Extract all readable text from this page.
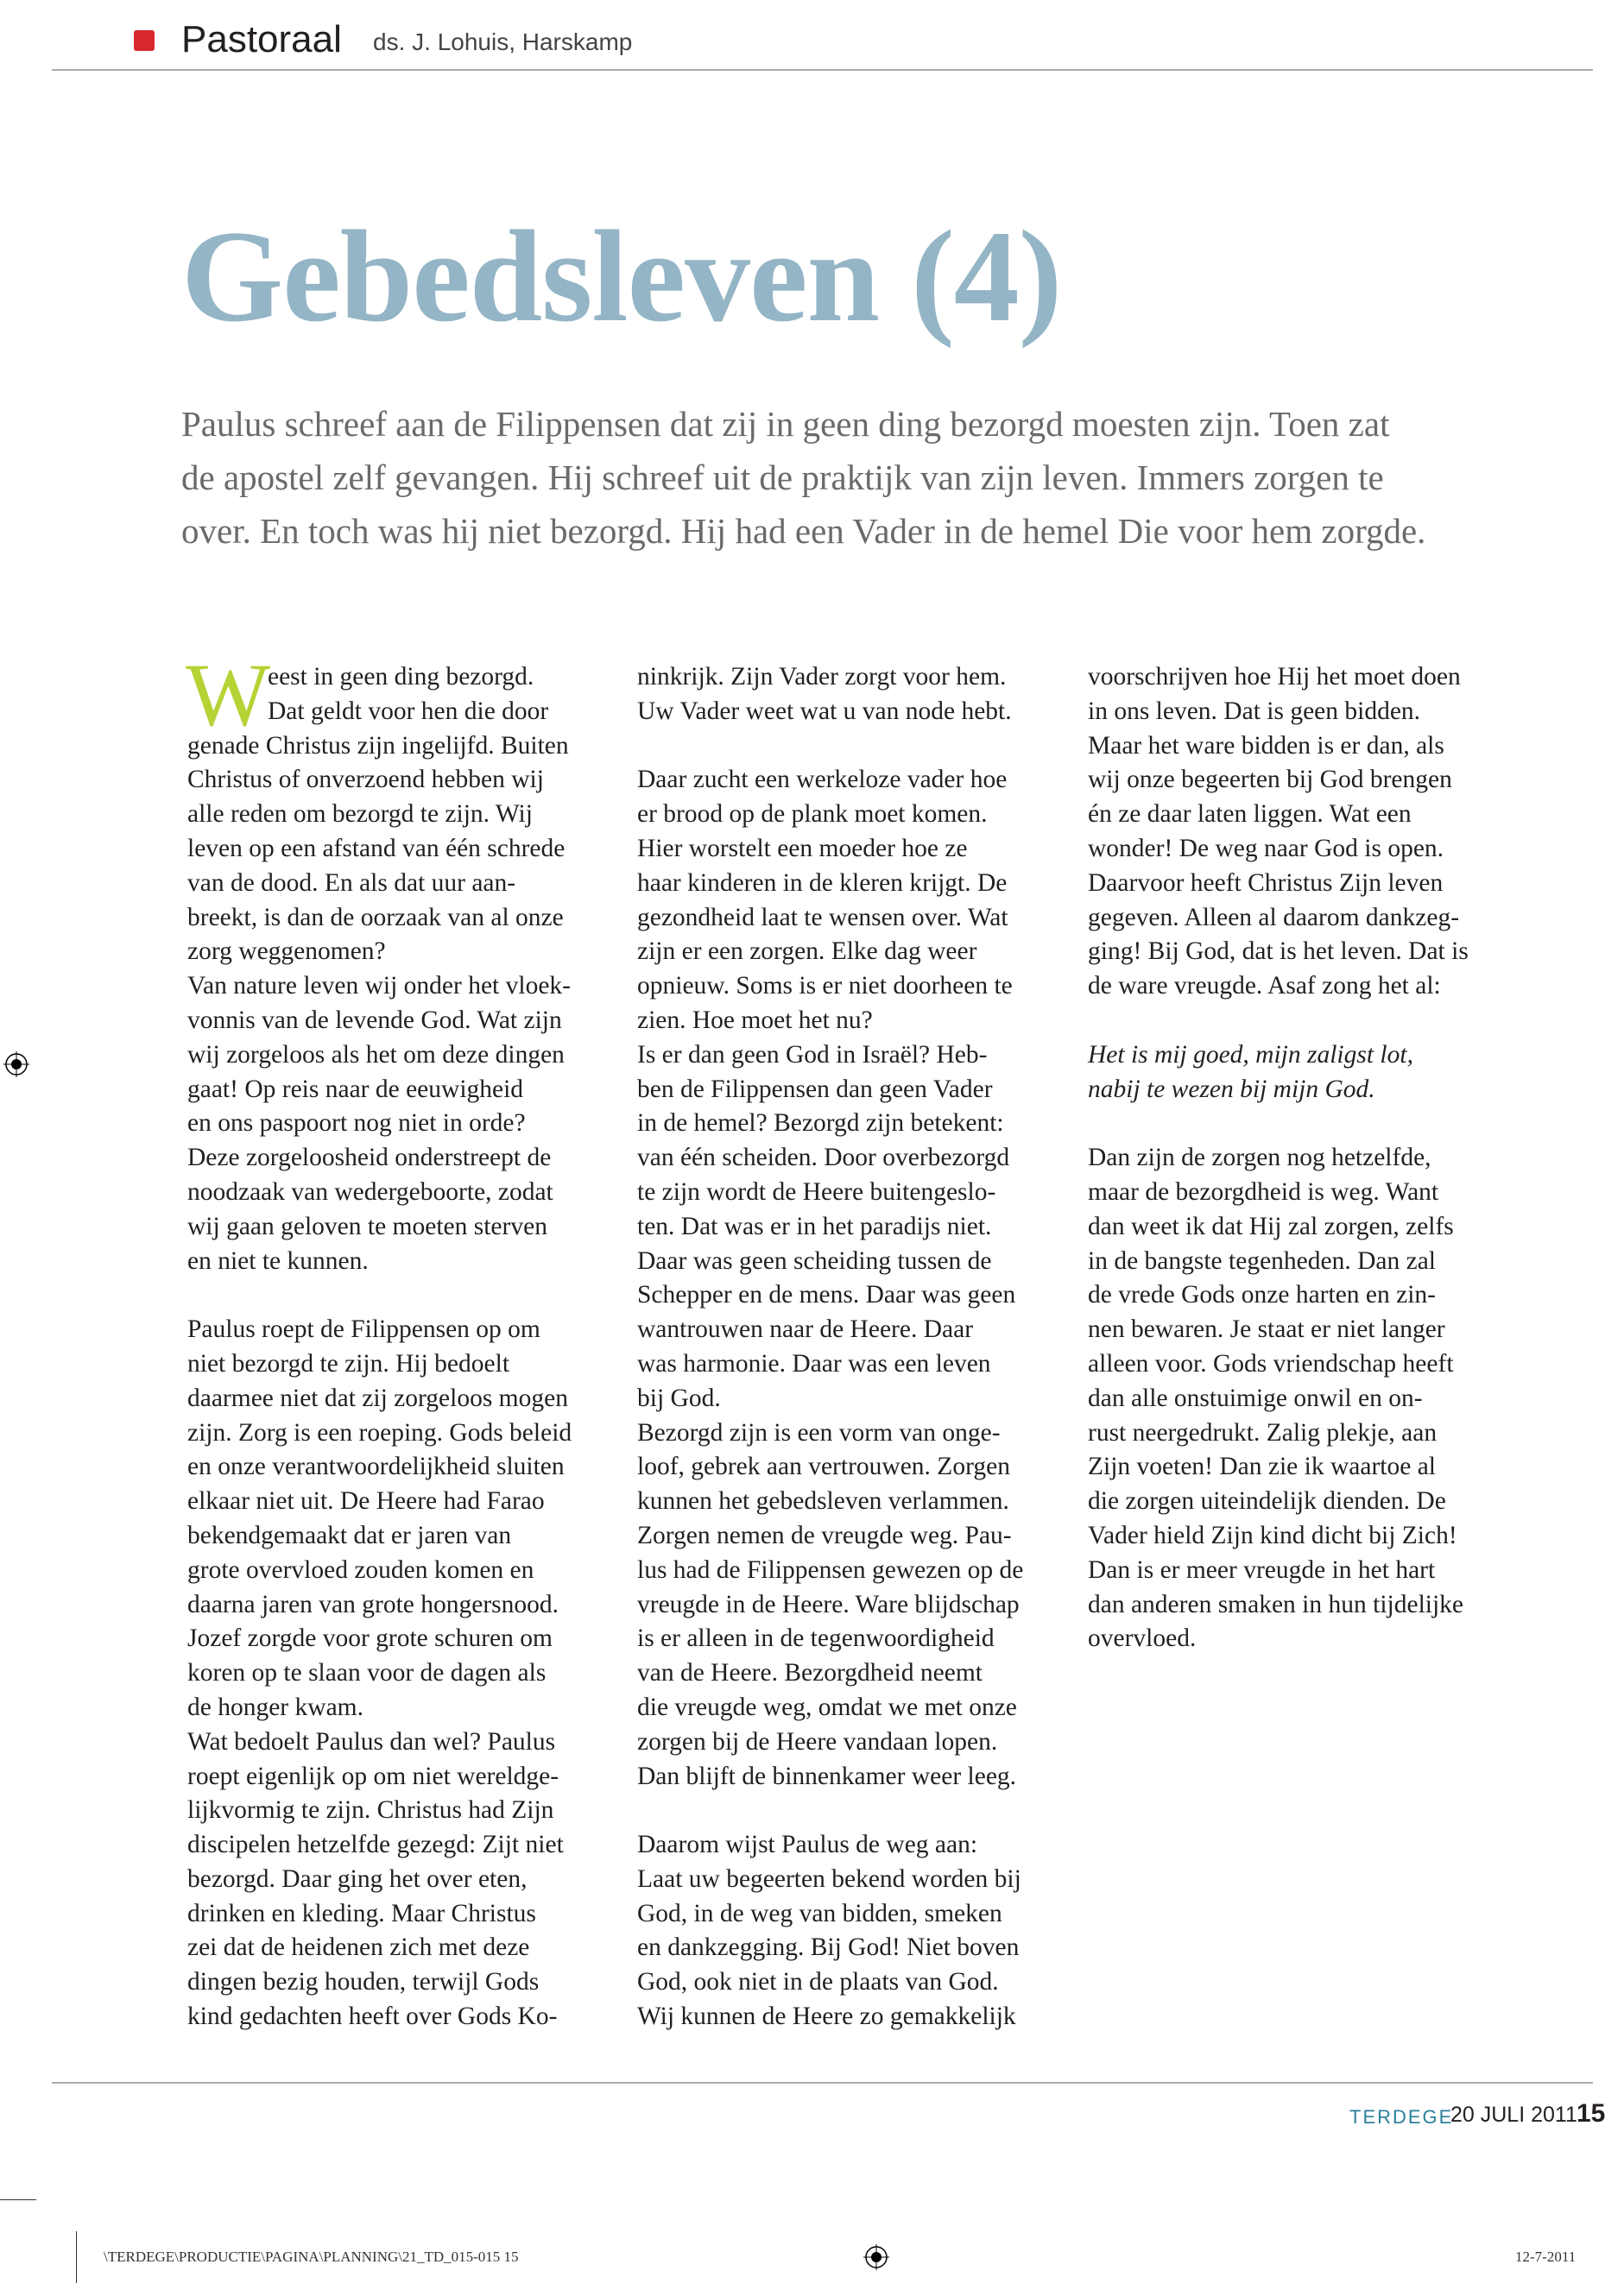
Pastoraal ds. J. Lohuis, Harskamp
Gebedsleven (4)

Paulus schreef aan de Filippensen dat zij in geen ding bezorgd moesten zijn. Toen zat

de apostel zelf gevangen. Hij schreef uit de praktijk van zijn leven. Immers zorgen te

over. En toch was hij niet bezorgd. Hij had een Vader in de hemel Die voor hem zorgde.

W

eest in geen ding bezorgd.

Dat geldt voor hen die door

genade Christus zijn ingelijfd. Buiten

Christus of onverzoend hebben wij

alle reden om bezorgd te zijn. Wij

leven op een afstand van één schrede

van de dood. En als dat uur aan-

breekt, is dan de oorzaak van al onze

zorg weggenomen?

Van nature leven wij onder het vloek-

vonnis van de levende God. Wat zijn

wij zorgeloos als het om deze dingen

gaat! Op reis naar de eeuwigheid

en ons paspoort nog niet in orde?

Deze zorgeloosheid onderstreept de

noodzaak van wedergeboorte, zodat

wij gaan geloven te moeten sterven

en niet te kunnen.

Paulus roept de Filippensen op om

niet bezorgd te zijn. Hij bedoelt

daarmee niet dat zij zorgeloos mogen

zijn. Zorg is een roeping. Gods beleid

en onze verantwoordelijkheid sluiten

elkaar niet uit. De Heere had Farao

bekendgemaakt dat er jaren van

grote overvloed zouden komen en

daarna jaren van grote hongersnood.

Jozef zorgde voor grote schuren om

koren op te slaan voor de dagen als

de honger kwam.

Wat bedoelt Paulus dan wel? Paulus

roept eigenlijk op om niet wereldge-

lijkvormig te zijn. Christus had Zijn

discipelen hetzelfde gezegd: Zijt niet

bezorgd. Daar ging het over eten,

drinken en kleding. Maar Christus

zei dat de heidenen zich met deze

dingen bezig houden, terwijl Gods

kind gedachten heeft over Gods Ko-

ninkrijk. Zijn Vader zorgt voor hem.

Uw Vader weet wat u van node hebt.

Daar zucht een werkeloze vader hoe

er brood op de plank moet komen.

Hier worstelt een moeder hoe ze

haar kinderen in de kleren krijgt. De

gezondheid laat te wensen over. Wat

zijn er een zorgen. Elke dag weer

opnieuw. Soms is er niet doorheen te

zien. Hoe moet het nu?

Is er dan geen God in Israël? Heb-

ben de Filippensen dan geen Vader

in de hemel? Bezorgd zijn betekent:

van één scheiden. Door overbezorgd

te zijn wordt de Heere buitengeslo-

ten. Dat was er in het paradijs niet.

Daar was geen scheiding tussen de

Schepper en de mens. Daar was geen

wantrouwen naar de Heere. Daar

was harmonie. Daar was een leven

bij God.

Bezorgd zijn is een vorm van onge-

loof, gebrek aan vertrouwen. Zorgen

kunnen het gebedsleven verlammen.

Zorgen nemen de vreugde weg. Pau-

lus had de Filippensen gewezen op de

vreugde in de Heere. Ware blijdschap

is er alleen in de tegenwoordigheid

van de Heere. Bezorgdheid neemt

die vreugde weg, omdat we met onze

zorgen bij de Heere vandaan lopen.

Dan blijft de binnenkamer weer leeg.

Daarom wijst Paulus de weg aan:

Laat uw begeerten bekend worden bij

God, in de weg van bidden, smeken

en dankzegging. Bij God! Niet boven

God, ook niet in de plaats van God.

Wij kunnen de Heere zo gemakkelijk

voorschrijven hoe Hij het moet doen

in ons leven. Dat is geen bidden.

Maar het ware bidden is er dan, als

wij onze begeerten bij God brengen

én ze daar laten liggen. Wat een

wonder! De weg naar God is open.

Daarvoor heeft Christus Zijn leven

gegeven. Alleen al daarom dankzeg-

ging! Bij God, dat is het leven. Dat is

de ware vreugde. Asaf zong het al:

Het is mij goed, mijn zaligst lot,

nabij te wezen bij mijn God.

Dan zijn de zorgen nog hetzelfde,

maar de bezorgdheid is weg. Want

dan weet ik dat Hij zal zorgen, zelfs

in de bangste tegenheden. Dan zal

de vrede Gods onze harten en zin-

nen bewaren. Je staat er niet langer

alleen voor. Gods vriendschap heeft

dan alle onstuimige onwil en on-

rust neergedrukt. Zalig plekje, aan

Zijn voeten! Dan zie ik waartoe al

die zorgen uiteindelijk dienden. De

Vader hield Zijn kind dicht bij Zich!

Dan is er meer vreugde in het hart

dan anderen smaken in hun tijdelijke

overvloed.

TERDEGE
20 JULI 2011 15
\TERDEGE\PRODUCTIE\PAGINA\PLANNING\21_TD_015-015 15	12-7-2011
